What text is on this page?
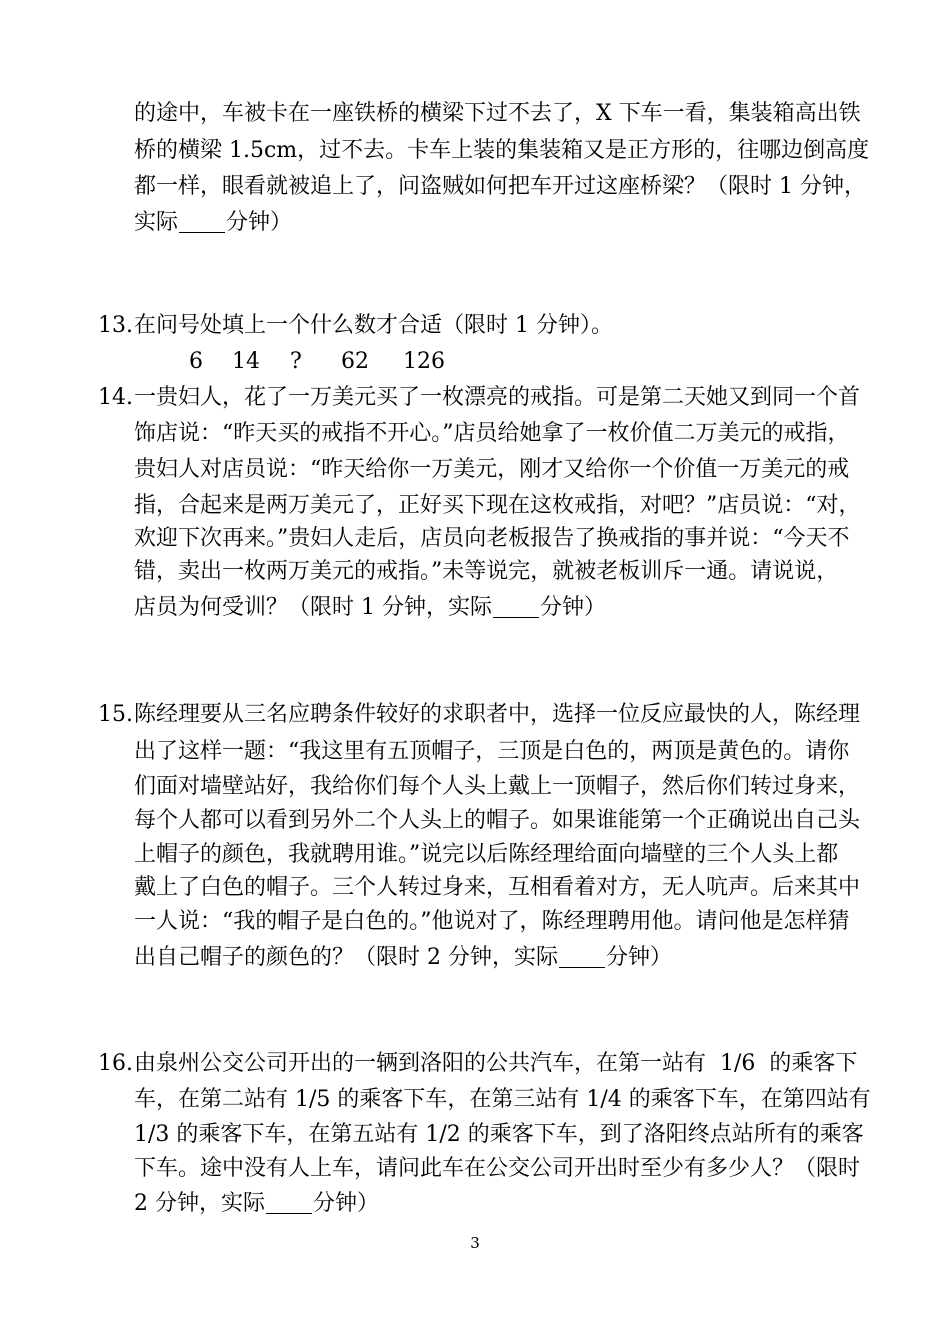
的途中，车被卡在一座铁桥的横梁下过不去了，X 下车一看，集装箱高出铁
桥的横梁 1.5cm，过不去。卡车上装的集装箱又是正方形的，往哪边倒高度
都一样，眼看就被追上了，问盗贼如何把车开过这座桥梁？（限时 1 分钟，
实际 分钟）
13. 在问号处填上一个什么数才合适（限时 1 分钟）。
6 14 ? 62 126
14. 一贵妇人，花了一万美元买了一枚漂亮的戒指。可是第二天她又到同一个首
饰店说：“昨天买的戒指不开心。”店员给她拿了一枚价值二万美元的戒指，
贵妇人对店员说：“昨天给你一万美元，刚才又给你一个价值一万美元的戒
指，合起来是两万美元了，正好买下现在这枚戒指，对吧？”店员说：“对，
欢迎下次再来。”贵妇人走后，店员向老板报告了换戒指的事并说：“今天不
错，卖出一枚两万美元的戒指。”未等说完，就被老板训斥一通。请说说，
店员为何受训？（限时 1 分钟，实际 分钟）
15. 陈经理要从三名应聘条件较好的求职者中，选择一位反应最快的人，陈经理
出了这样一题：“我这里有五顶帽子，三顶是白色的，两顶是黄色的。请你
们面对墙壁站好，我给你们每个人头上戴上一顶帽子，然后你们转过身来，
每个人都可以看到另外二个人头上的帽子。如果谁能第一个正确说出自己头
上帽子的颜色，我就聘用谁。”说完以后陈经理给面向墙壁的三个人头上都
戴上了白色的帽子。三个人转过身来，互相看着对方，无人吭声。后来其中
一人说：“我的帽子是白色的。”他说对了，陈经理聘用他。请问他是怎样猜
出自己帽子的颜色的？（限时 2 分钟，实际 分钟）
16. 由泉州公交公司开出的一辆到洛阳的公共汽车，在第一站有  1/6  的乘客下
车，在第二站有 1/5 的乘客下车，在第三站有 1/4 的乘客下车，在第四站有
1/3 的乘客下车，在第五站有 1/2 的乘客下车，到了洛阳终点站所有的乘客
下车。途中没有人上车，请问此车在公交公司开出时至少有多少人？（限时
2 分钟，实际 分钟）
3
